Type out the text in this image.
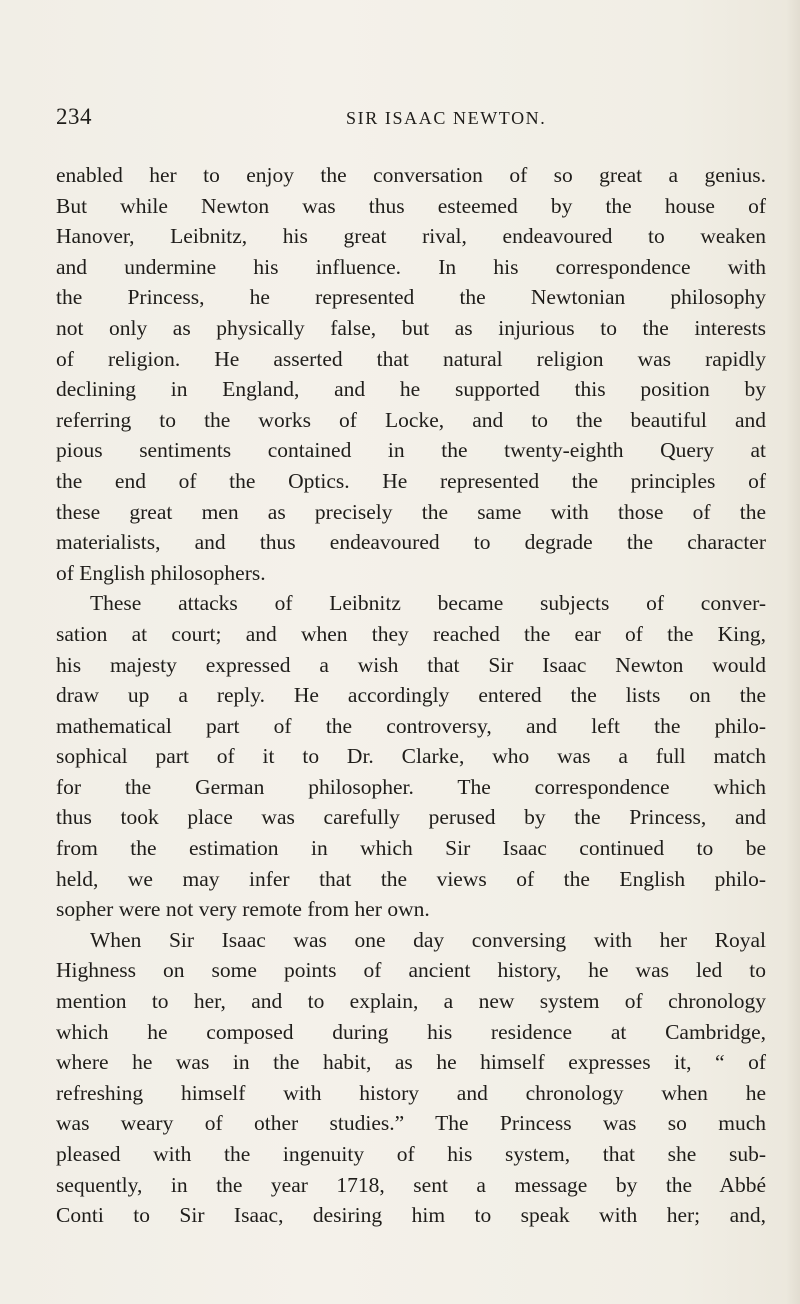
234	SIR ISAAC NEWTON.
enabled her to enjoy the conversation of so great a genius.
But while Newton was thus esteemed by the house of
Hanover, Leibnitz, his great rival, endeavoured to weaken
and undermine his influence. In his correspondence with
the Princess, he represented the Newtonian philosophy
not only as physically false, but as injurious to the interests
of religion. He asserted that natural religion was rapidly
declining in England, and he supported this position by
referring to the works of Locke, and to the beautiful and
pious sentiments contained in the twenty-eighth Query at
the end of the Optics. He represented the principles of
these great men as precisely the same with those of the
materialists, and thus endeavoured to degrade the character
of English philosophers.
These attacks of Leibnitz became subjects of conver-
sation at court; and when they reached the ear of the King,
his majesty expressed a wish that Sir Isaac Newton would
draw up a reply. He accordingly entered the lists on the
mathematical part of the controversy, and left the philo-
sophical part of it to Dr. Clarke, who was a full match
for the German philosopher. The correspondence which
thus took place was carefully perused by the Princess, and
from the estimation in which Sir Isaac continued to be
held, we may infer that the views of the English philo-
sopher were not very remote from her own.
When Sir Isaac was one day conversing with her Royal
Highness on some points of ancient history, he was led to
mention to her, and to explain, a new system of chronology
which he composed during his residence at Cambridge,
where he was in the habit, as he himself expresses it, “ of
refreshing himself with history and chronology when he
was weary of other studies.” The Princess was so much
pleased with the ingenuity of his system, that she sub-
sequently, in the year 1718, sent a message by the Abbé
Conti to Sir Isaac, desiring him to speak with her; and,
